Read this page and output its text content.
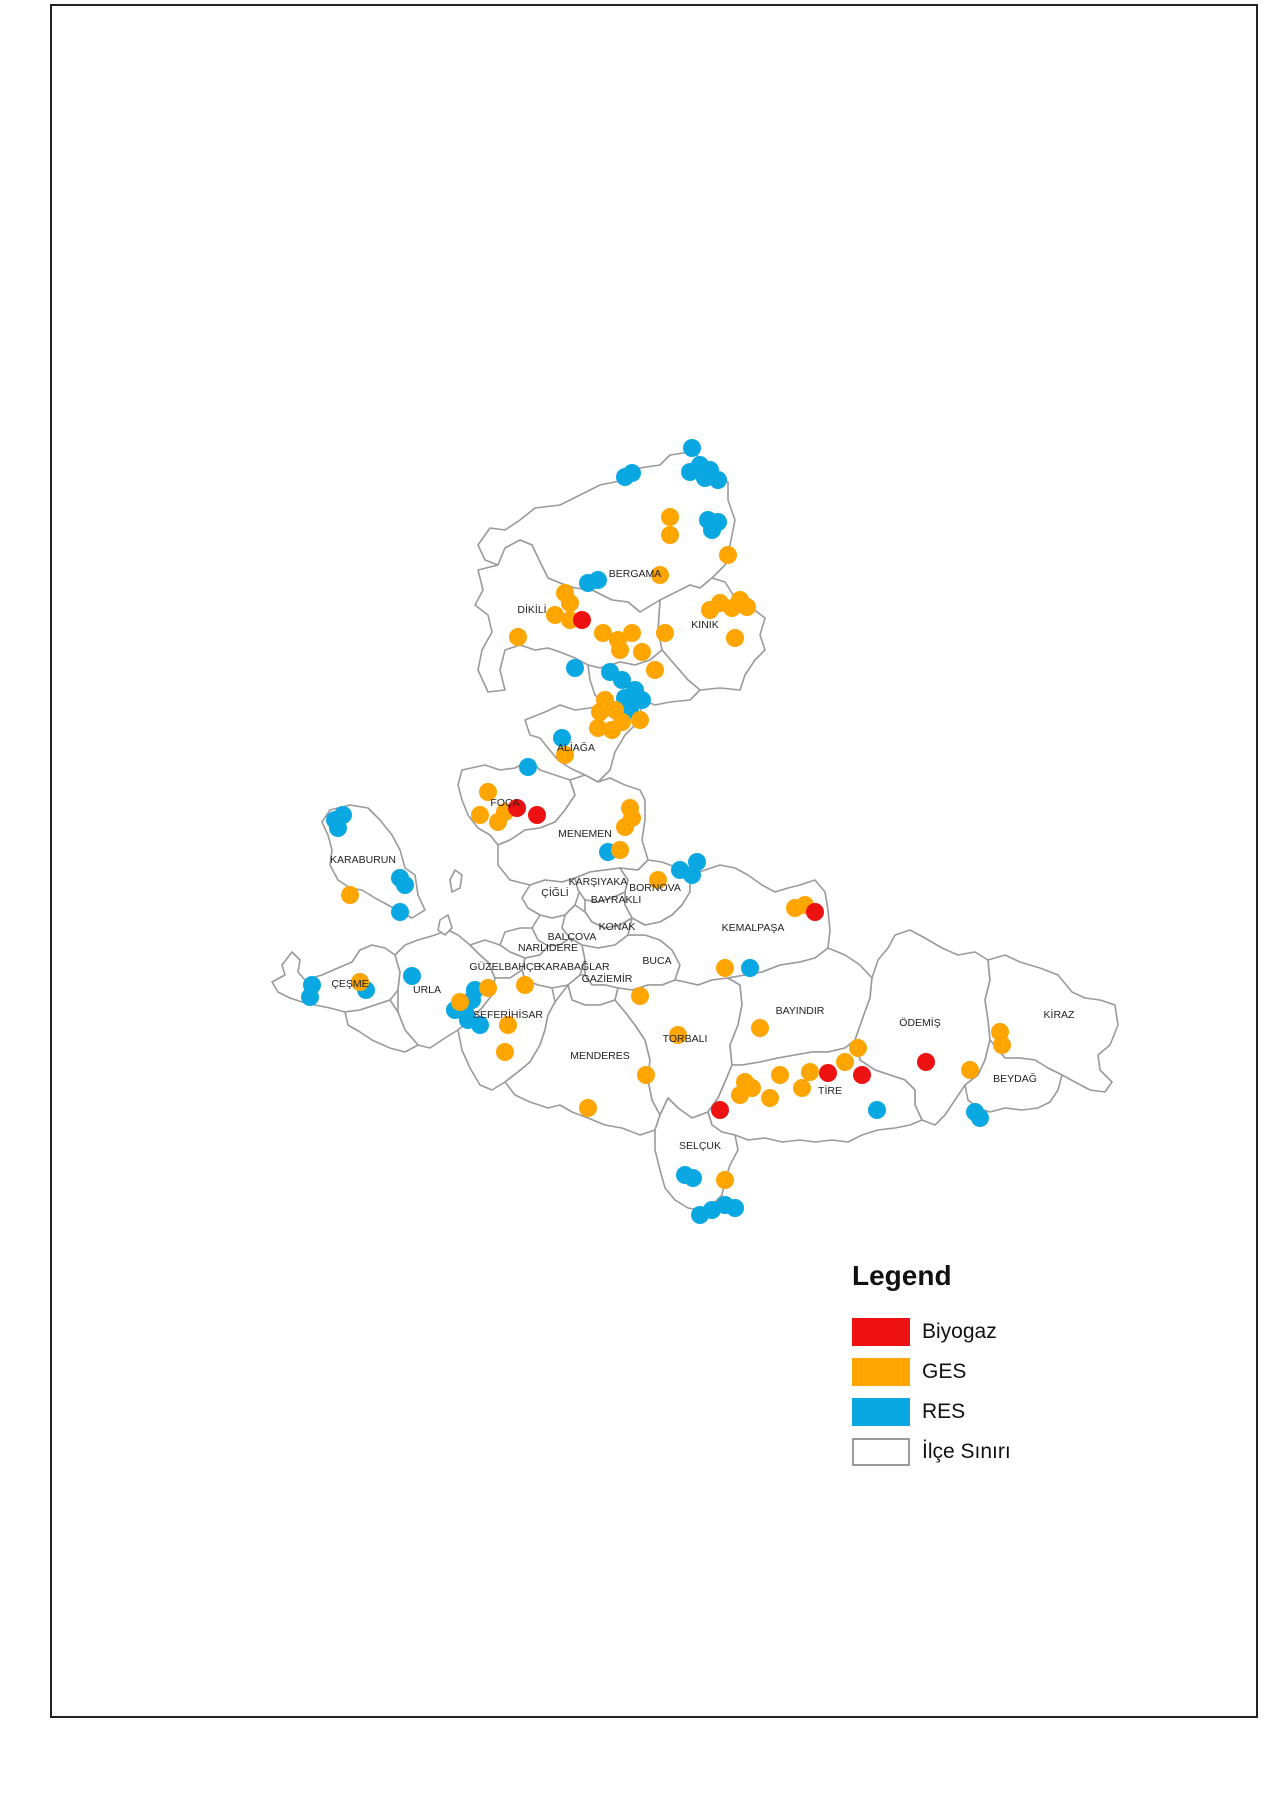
BERGAMA
DİKİLİ
KINIK
ALİAĞA
FOÇA
MENEMEN
KARABURUN
KARŞIYAKA
ÇİĞLİ	BORNOVA
BAYRAKLI
KONAK
BALÇOVA
NARLIDERE
KEMALPAŞA
GÜZELBAHÇE
KARABAĞLAR	BUCA
GAZİEMİR
ÇEŞME	URLA
SEFERİHİSAR	BAYINDIR
ÖDEMİŞ
KİRAZ
TORBALI
MENDERES
TİRE
BEYDAĞ
SELÇUK
Legend
Biyogaz
GES
RES
İlçe Sınırı
